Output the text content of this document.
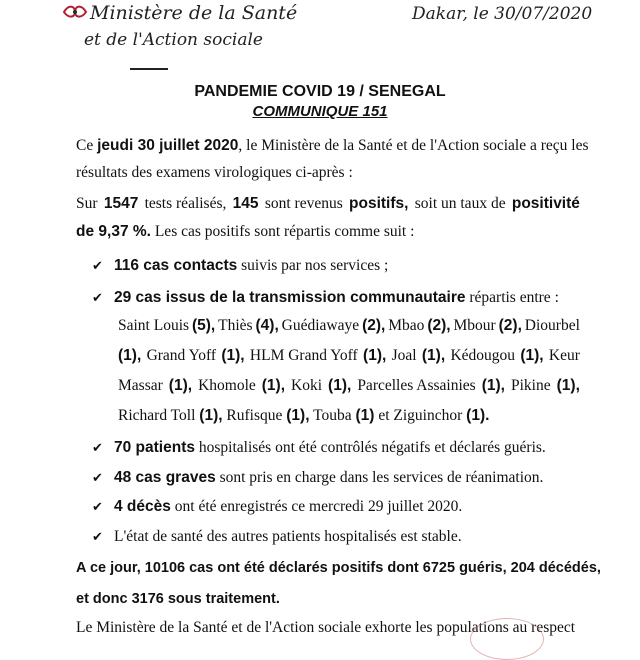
Ministère de la Santé
et de l'Action sociale
Dakar, le 30/07/2020
PANDEMIE COVID 19 / SENEGAL
COMMUNIQUE 151
Ce jeudi 30 juillet 2020, le Ministère de la Santé et de l'Action sociale a reçu les
résultats des examens virologiques ci-après :
Sur 1547 tests réalisés, 145 sont revenus positifs, soit un taux de positivité
de 9,37 %. Les cas positifs sont répartis comme suit :
✔ 116 cas contacts suivis par nos services ;
✔ 29 cas issus de la transmission communautaire répartis entre :
Saint Louis (5), Thiès (4), Guédiawaye (2), Mbao (2), Mbour (2), Diourbel
(1), Grand Yoff (1), HLM Grand Yoff (1), Joal (1), Kédougou (1), Keur
Massar (1), Khomole (1), Koki (1), Parcelles Assainies (1), Pikine (1),
Richard Toll (1), Rufisque (1), Touba (1) et Ziguinchor (1).
✔ 70 patients hospitalisés ont été contrôlés négatifs et déclarés guéris.
✔ 48 cas graves sont pris en charge dans les services de réanimation.
✔ 4 décès ont été enregistrés ce mercredi 29 juillet 2020.
✔ L'état de santé des autres patients hospitalisés est stable.
A ce jour, 10106 cas ont été déclarés positifs dont 6725 guéris, 204 décédés,
et donc 3176 sous traitement.
Le Ministère de la Santé et de l'Action sociale exhorte les populations au respect
